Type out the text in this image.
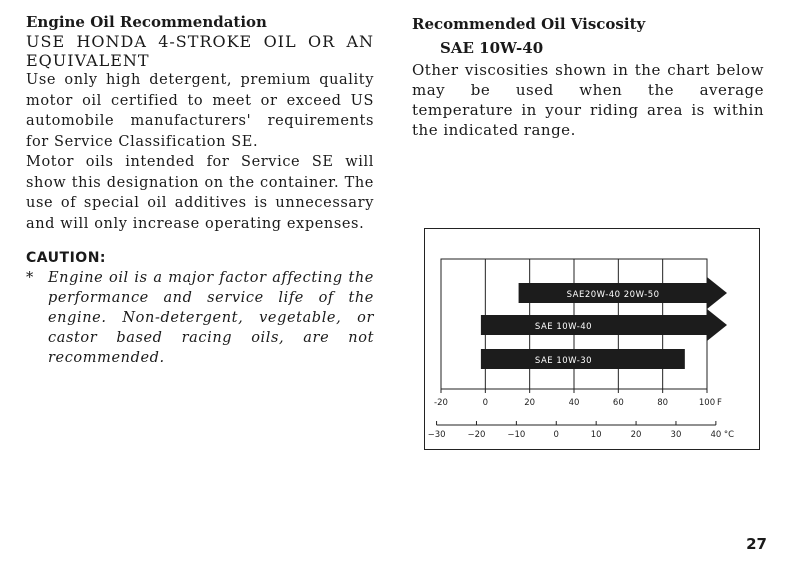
Engine Oil Recommendation

USE HONDA 4-STROKE OIL OR AN

EQUIVALENT

Use only high detergent, premium quality motor oil certified to meet or exceed US automobile manufacturers' requirements for Service Classification SE.

Motor oils intended for Service SE will show this designation on the container. The use of special oil additives is unnecessary and will only increase operating expenses.

CAUTION:

*	Engine oil is a major factor affecting the performance and service life of the engine. Non-detergent, vegetable, or castor based racing oils, are not recommended.

Recommended Oil Viscosity

SAE 10W-40

Other viscosities shown in the chart below may be used when the average temperature in your riding area is within the indicated range.

SAE20W-40 20W-50
SAE 10W-40
SAE 10W-30
-20	0	20	40	60	80	100 F
−30	−20	−10	0	10	20	30	40 °C
27
